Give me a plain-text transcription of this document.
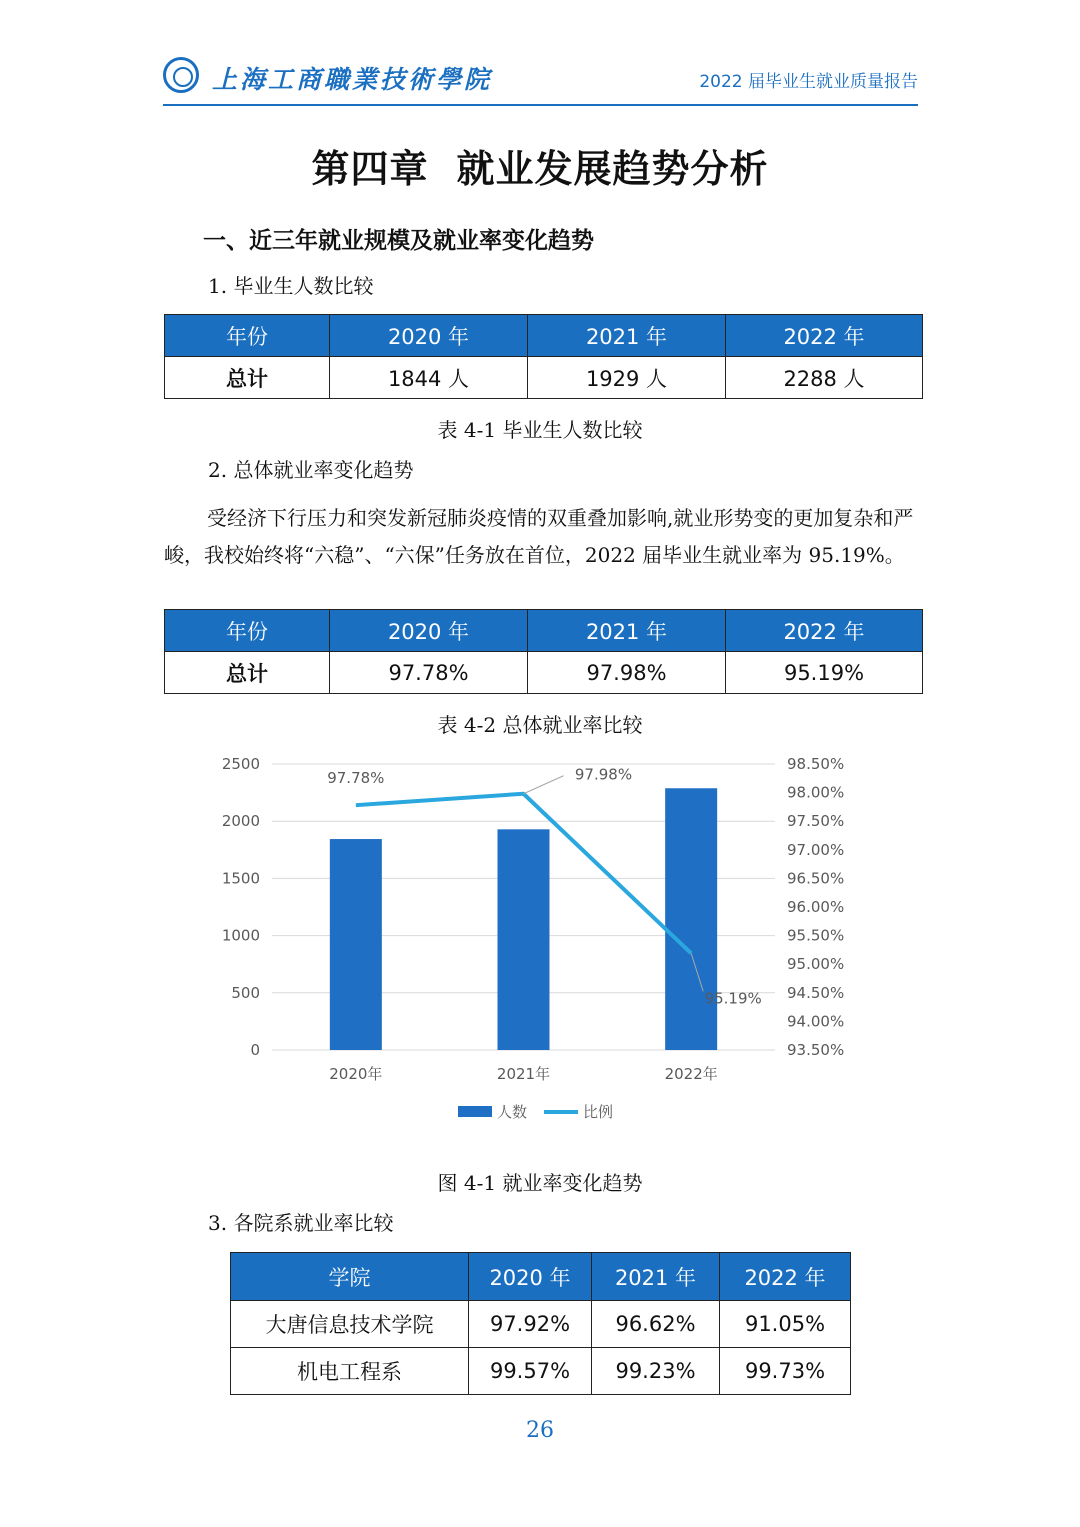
上海工商職業技術學院	2022 届毕业生就业质量报告
第四章 就业发展趋势分析
一、近三年就业规模及就业率变化趋势
1. 毕业生人数比较
年份	2020 年	2021 年	2022 年
总计	1844 人	1929 人	2288 人
表 4-1 毕业生人数比较
2. 总体就业率变化趋势
受经济下行压力和突发新冠肺炎疫情的双重叠加影响,就业形势变的更加复杂和严峻，我校始终将“六稳”、“六保”任务放在首位，2022 届毕业生就业率为 95.19%。
年份	2020 年	2021 年	2022 年
总计	97.78%	97.98%	95.19%
表 4-2 总体就业率比较
0
500
1000
1500
2000
2500
93.50%
94.00%
94.50%
95.00%
95.50%
96.00%
96.50%
97.00%
97.50%
98.00%
98.50%
2020年	2021年	2022年
97.78%	97.98%
95.19%
人数	比例
图 4-1 就业率变化趋势
3. 各院系就业率比较
学院	2020 年	2021 年	2022 年
大唐信息技术学院	97.92%	96.62%	91.05%
机电工程系	99.57%	99.23%	99.73%
26
